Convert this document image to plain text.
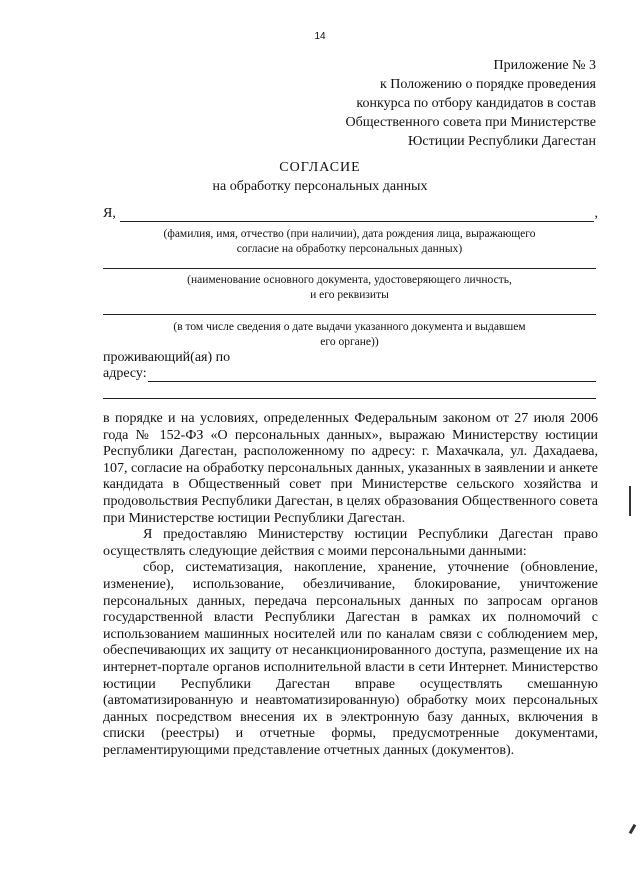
14
Приложение № 3
к Положению о порядке проведения
конкурса по отбору кандидатов в состав
Общественного совета при Министерстве
Юстиции Республики Дагестан
СОГЛАСИЕ
на обработку персональных данных
Я,	,
(фамилия, имя, отчество (при наличии), дата рождения лица, выражающего
согласие на обработку персональных данных)
(наименование основного документа, удостоверяющего личность,
и его реквизиты
(в том числе сведения о дате выдачи указанного документа и выдавшем
его органе))
проживающий(ая) по
адресу:

в порядке и на условиях, определенных Федеральным законом от 27 июля 2006 года № 152-ФЗ «О персональных данных», выражаю Министерству юстиции Республики Дагестан, расположенному по адресу: г. Махачкала, ул. Дахадаева, 107, согласие на обработку персональных данных, указанных в заявлении и анкете кандидата в Общественный совет при Министерстве сельского хозяйства и продовольствия Республики Дагестан, в целях образования Общественного совета при Министерстве юстиции Республики Дагестан.

Я предоставляю Министерству юстиции Республики Дагестан право осуществлять следующие действия с моими персональными данными:

сбор, систематизация, накопление, хранение, уточнение (обновление, изменение), использование, обезличивание, блокирование, уничтожение персональных данных, передача персональных данных по запросам органов государственной власти Республики Дагестан в рамках их полномочий с использованием машинных носителей или по каналам связи с соблюдением мер, обеспечивающих их защиту от несанкционированного доступа, размещение их на интернет-портале органов исполнительной власти в сети Интернет. Министерство юстиции Республики Дагестан вправе осуществлять смешанную (автоматизированную и неавтоматизированную) обработку моих персональных данных посредством внесения их в электронную базу данных, включения в списки (реестры) и отчетные формы, предусмотренные документами, регламентирующими представление отчетных данных (документов).
